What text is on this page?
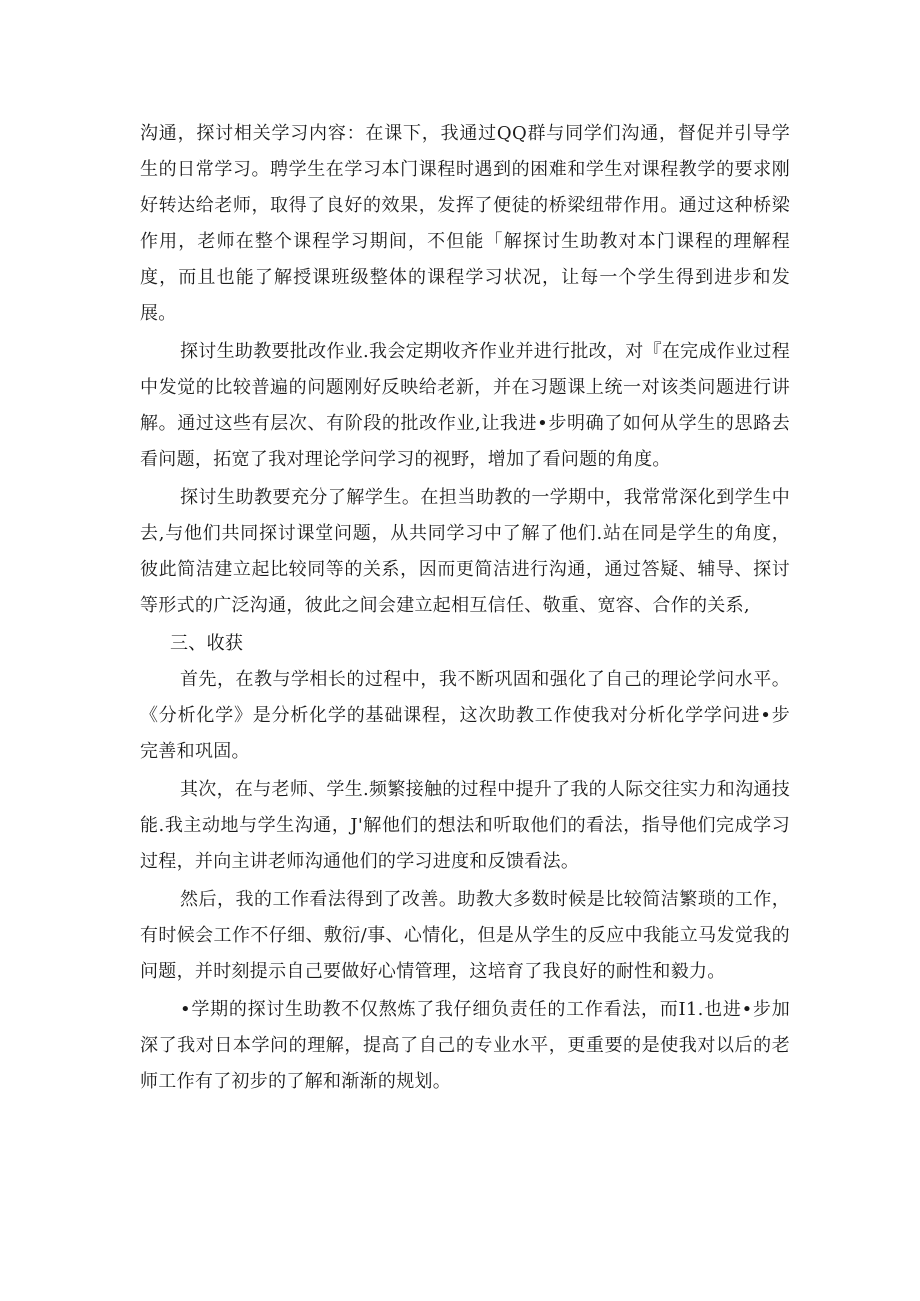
沟通，探讨相关学习内容：在课下，我通过QQ群与同学们沟通，督促并引导学生的日常学习。聘学生在学习本门课程时遇到的困难和学生对课程教学的要求刚好转达给老师，取得了良好的效果，发挥了便徒的桥梁纽带作用。通过这种桥梁作用，老师在整个课程学习期间，不但能「解探讨生助教对本门课程的理解程度，而且也能了解授课班级整体的课程学习状况，让每一个学生得到进步和发展。

探讨生助教要批改作业.我会定期收齐作业并进行批改，对『在完成作业过程中发觉的比较普遍的问题刚好反映给老新，并在习题课上统一对该类问题进行讲解。通过这些有层次、有阶段的批改作业,让我进•步明确了如何从学生的思路去看问题，拓宽了我对理论学问学习的视野，增加了看问题的角度。

探讨生助教要充分了解学生。在担当助教的一学期中，我常常深化到学生中去,与他们共同探讨课堂问题，从共同学习中了解了他们.站在同是学生的角度，彼此简洁建立起比较同等的关系，因而更简洁进行沟通，通过答疑、辅导、探讨等形式的广泛沟通，彼此之间会建立起相互信任、敬重、宽容、合作的关系,

三、收获

首先，在教与学相长的过程中，我不断巩固和强化了自己的理论学问水平。《分析化学》是分析化学的基础课程，这次助教工作使我对分析化学学问进•步完善和巩固。

其次，在与老师、学生.频繁接触的过程中提升了我的人际交往实力和沟通技能.我主动地与学生沟通，J'解他们的想法和听取他们的看法，指导他们完成学习过程，并向主讲老师沟通他们的学习进度和反馈看法。

然后，我的工作看法得到了改善。助教大多数时候是比较简洁繁琐的工作，有时候会工作不仔细、敷衍/事、心情化，但是从学生的反应中我能立马发觉我的问题，并时刻提示自己要做好心情管理，这培育了我良好的耐性和毅力。

•学期的探讨生助教不仅熬炼了我仔细负责任的工作看法，而I1.也进•步加深了我对日本学问的理解，提高了自己的专业水平，更重要的是使我对以后的老师工作有了初步的了解和渐渐的规划。
